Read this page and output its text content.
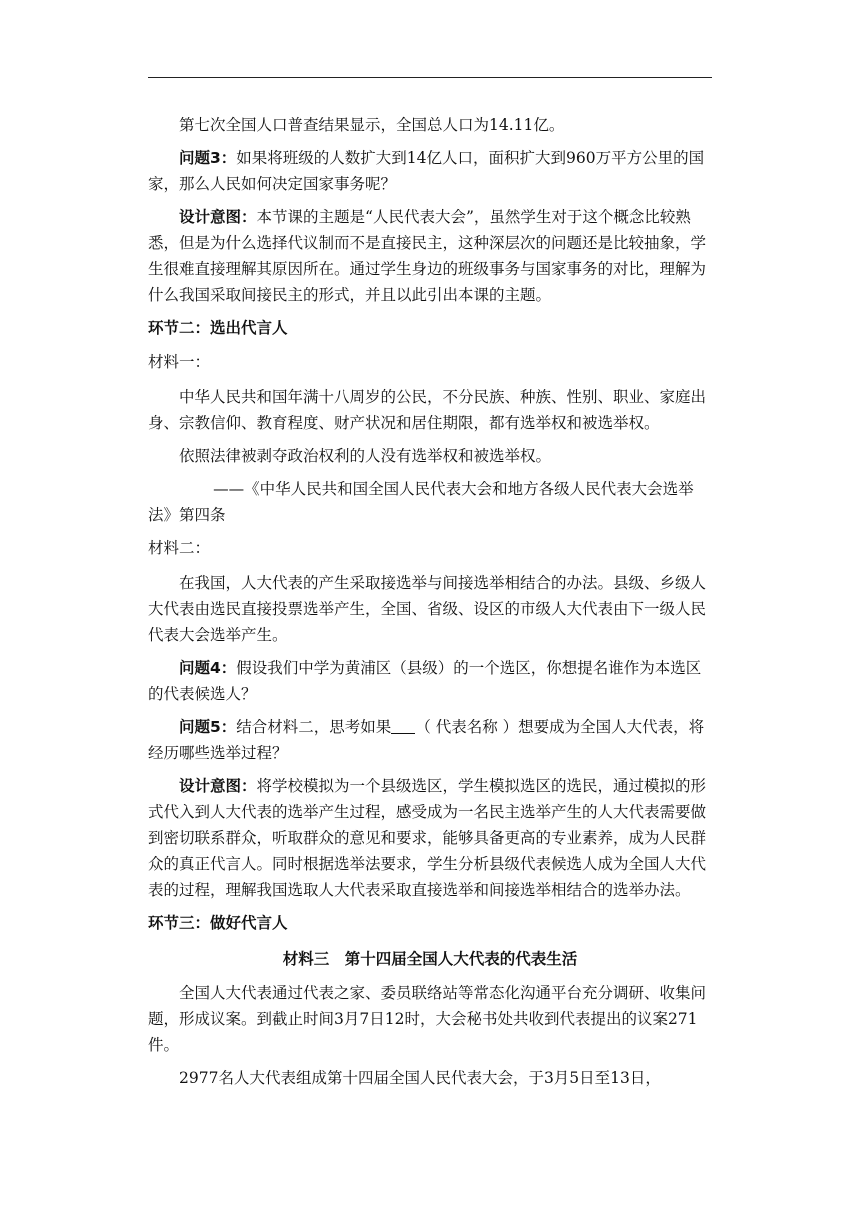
第七次全国人口普查结果显示，全国总人口为14.11亿。

问题3：如果将班级的人数扩大到14亿人口，面积扩大到960万平方公里的国家，那么人民如何决定国家事务呢？

设计意图：本节课的主题是“人民代表大会”，虽然学生对于这个概念比较熟悉，但是为什么选择代议制而不是直接民主，这种深层次的问题还是比较抽象，学生很难直接理解其原因所在。通过学生身边的班级事务与国家事务的对比，理解为什么我国采取间接民主的形式，并且以此引出本课的主题。

环节二：选出代言人

材料一：

中华人民共和国年满十八周岁的公民，不分民族、种族、性别、职业、家庭出身、宗教信仰、教育程度、财产状况和居住期限，都有选举权和被选举权。

依照法律被剥夺政治权利的人没有选举权和被选举权。

——《中华人民共和国全国人民代表大会和地方各级人民代表大会选举法》第四条

材料二：

在我国，人大代表的产生采取接选举与间接选举相结合的办法。县级、乡级人大代表由选民直接投票选举产生，全国、省级、设区的市级人大代表由下一级人民代表大会选举产生。

问题4：假设我们中学为黄浦区（县级）的一个选区，你想提名谁作为本选区的代表候选人？

问题5：结合材料二，思考如果 （ 代表名称 ）想要成为全国人大代表，将经历哪些选举过程？

设计意图：将学校模拟为一个县级选区，学生模拟选区的选民，通过模拟的形式代入到人大代表的选举产生过程，感受成为一名民主选举产生的人大代表需要做到密切联系群众，听取群众的意见和要求，能够具备更高的专业素养，成为人民群众的真正代言人。同时根据选举法要求，学生分析县级代表候选人成为全国人大代表的过程，理解我国选取人大代表采取直接选举和间接选举相结合的选举办法。

环节三：做好代言人

材料三　第十四届全国人大代表的代表生活

全国人大代表通过代表之家、委员联络站等常态化沟通平台充分调研、收集问题，形成议案。到截止时间3月7日12时，大会秘书处共收到代表提出的议案271件。

2977名人大代表组成第十四届全国人民代表大会，于3月5日至13日，
